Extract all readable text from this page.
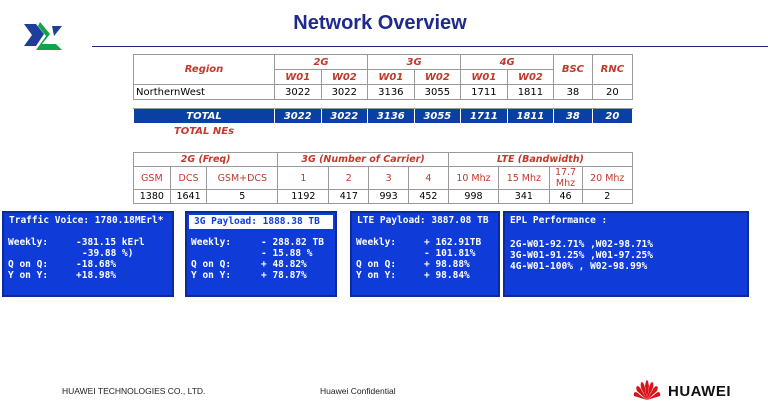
Network Overview
Region	2G		3G		4G		BSC	RNC
	W01	W02	W01	W02	W01	W02		
NorthernWest	3022	3022	3136	3055	1711	1811	38	20

TOTAL	3022	3022	3136	3055	1711	1811	38	20
TOTAL NEs								
2G (Freq)			3G (Number of Carrier)				LTE (Bandwidth)			
GSM	DCS	GSM+DCS	1	2	3	4	10 Mhz	15 Mhz	17.7 Mhz	20 Mhz
1380	1641	5	1192	417	993	452	998	341	46	2
Traffic Voice: 1780.18MErl*
Weekly:	-381.15 kErl
-39.88 %)
Q on Q:	-18.68%
Y on Y:	+18.98%
3G Payload: 1888.38 TB
Weekly:	- 288.82 TB
- 15.88 %
Q on Q:	+ 48.82%
Y on Y:	+ 78.87%
LTE Payload: 3887.08 TB
Weekly:	+ 162.91TB
- 101.81%
Q on Q:	+ 98.88%
Y on Y:	+ 98.84%
EPL Performance :
2G-W01-92.71% ,W02-98.71%
3G-W01-91.25% ,W01-97.25%
4G-W01-100% , W02-98.99%
HUAWEI TECHNOLOGIES CO., LTD.	Huawei Confidential	HUAWEI
